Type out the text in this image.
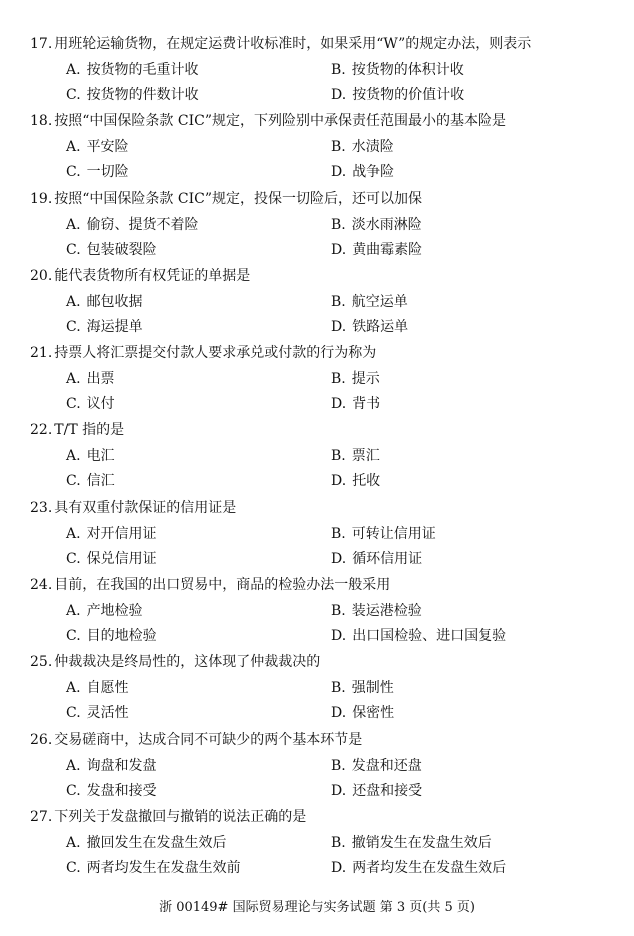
17. 用班轮运输货物，在规定运费计收标准时，如果采用“W”的规定办法，则表示
A. 按货物的毛重计收	B. 按货物的体积计收
C. 按货物的件数计收	D. 按货物的价值计收
18. 按照“中国保险条款 CIC”规定，下列险别中承保责任范围最小的基本险是
A. 平安险	B. 水渍险
C. 一切险	D. 战争险
19. 按照“中国保险条款 CIC”规定，投保一切险后，还可以加保
A. 偷窃、提货不着险	B. 淡水雨淋险
C. 包装破裂险	D. 黄曲霉素险
20. 能代表货物所有权凭证的单据是
A. 邮包收据	B. 航空运单
C. 海运提单	D. 铁路运单
21. 持票人将汇票提交付款人要求承兑或付款的行为称为
A. 出票	B. 提示
C. 议付	D. 背书
22. T/T 指的是
A. 电汇	B. 票汇
C. 信汇	D. 托收
23. 具有双重付款保证的信用证是
A. 对开信用证	B. 可转让信用证
C. 保兑信用证	D. 循环信用证
24. 目前，在我国的出口贸易中，商品的检验办法一般采用
A. 产地检验	B. 装运港检验
C. 目的地检验	D. 出口国检验、进口国复验
25. 仲裁裁决是终局性的，这体现了仲裁裁决的
A. 自愿性	B. 强制性
C. 灵活性	D. 保密性
26. 交易磋商中，达成合同不可缺少的两个基本环节是
A. 询盘和发盘	B. 发盘和还盘
C. 发盘和接受	D. 还盘和接受
27. 下列关于发盘撤回与撤销的说法正确的是
A. 撤回发生在发盘生效后	B. 撤销发生在发盘生效后
C. 两者均发生在发盘生效前	D. 两者均发生在发盘生效后
浙 00149# 国际贸易理论与实务试题 第 3 页(共 5 页)
